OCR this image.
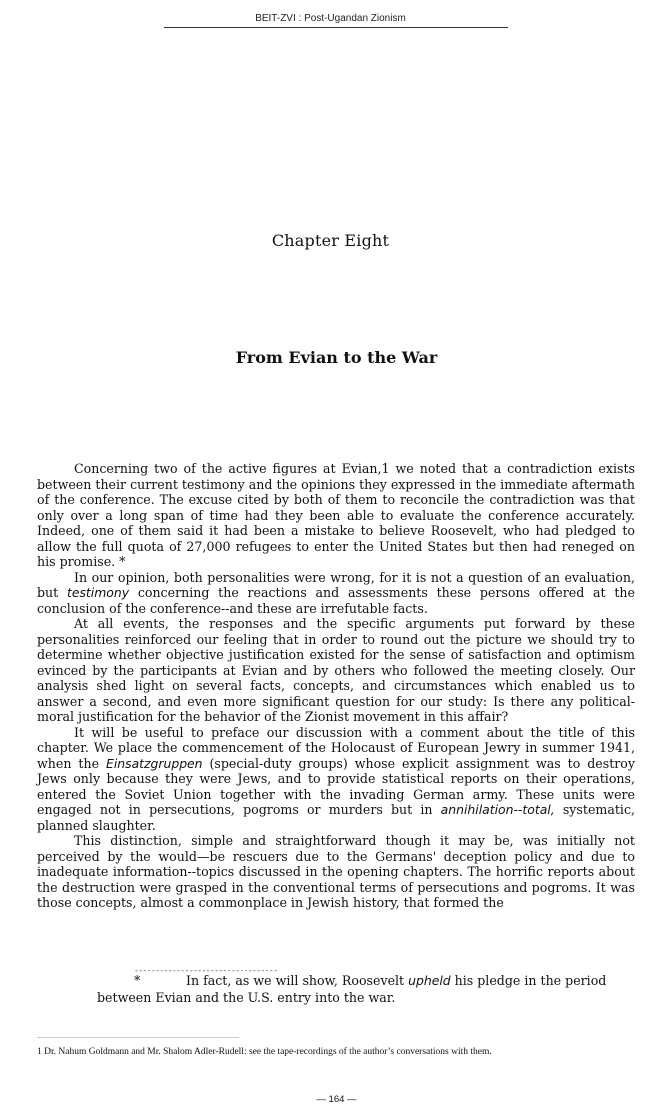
BEIT-ZVI : Post-Ugandan Zionism
Chapter Eight
From Evian to the War

Concerning two of the active figures at Evian,1 we noted that a contradiction exists between their current testimony and the opinions they expressed in the immediate aftermath of the conference. The excuse cited by both of them to reconcile the contradiction was that only over a long span of time had they been able to evaluate the conference accurately. Indeed, one of them said it had been a mistake to believe Roosevelt, who had pledged to allow the full quota of 27,000 refugees to enter the United States but then had reneged on his promise. *

In our opinion, both personalities were wrong, for it is not a question of an evaluation, but testimony concerning the reactions and assessments these persons offered at the conclusion of the conference--and these are irrefutable facts.

At all events, the responses and the specific arguments put forward by these personalities reinforced our feeling that in order to round out the picture we should try to determine whether objective justification existed for the sense of satisfaction and optimism evinced by the participants at Evian and by others who followed the meeting closely. Our analysis shed light on several facts, concepts, and circumstances which enabled us to answer a second, and even more significant question for our study: Is there any political-moral justification for the behavior of the Zionist movement in this affair?

It will be useful to preface our discussion with a comment about the title of this chapter. We place the commencement of the Holocaust of European Jewry in summer 1941, when the Einsatzgruppen (special-duty groups) whose explicit assignment was to destroy Jews only because they were Jews, and to provide statistical reports on their operations, entered the Soviet Union together with the invading German army. These units were engaged not in persecutions, pogroms or murders but in annihilation--total, systematic, planned slaughter.

This distinction, simple and straightforward though it may be, was initially not perceived by the would—be rescuers due to the Germans' deception policy and due to inadequate information--topics discussed in the opening chapters. The horrific reports about the destruction were grasped in the conventional terms of persecutions and pogroms. It was those concepts, almost a commonplace in Jewish history, that formed the

----------------------------------
*	In fact, as we will show, Roosevelt upheld his pledge in the period
between Evian and the U.S. entry into the war.
1 Dr. Nahum Goldmann and Mr. Shalom Adler-Rudell: see the tape-recordings of the author’s conversations with them.
— 164 —
